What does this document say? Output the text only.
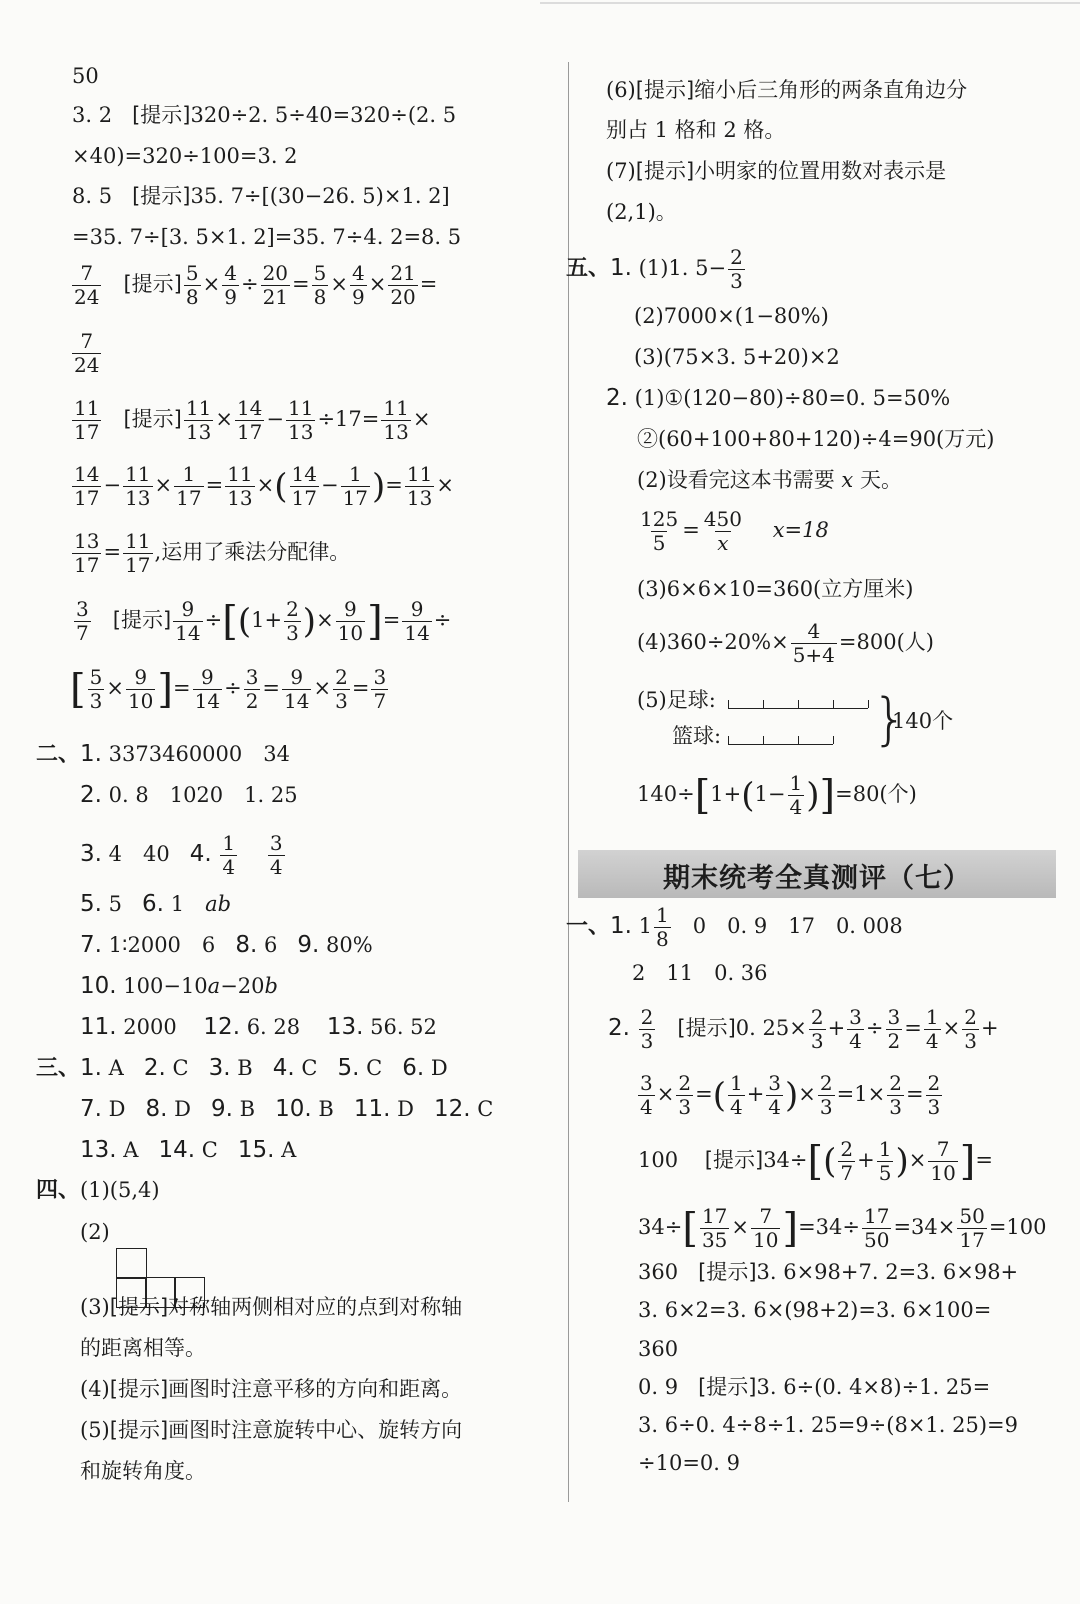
50
3. 2 [提示]320÷2. 5÷40=320÷(2. 5
×40)=320÷100=3. 2
8. 5 [提示]35. 7÷[(30−26. 5)×1. 2]
=35. 7÷[3. 5×1. 2]=35. 7÷4. 2=8. 5
$\frac{7}{24}$ [提示] $\frac{5}{8} \times \frac{4}{9} \div \frac{20}{21} = \frac{5}{8} \times \frac{4}{9} \times \frac{21}{20}$ =
$\frac{7}{24}$
$\frac{11}{17}$ [提示] $\frac{11}{13} \times \frac{14}{17} - \frac{11}{13} \div 17= \frac{11}{13}$ ×
$\frac{14}{17} - \frac{11}{13} \times \frac{1}{17} = \frac{11}{13}$ ×( $\frac{14}{17} - \frac{1}{17}$ )= $\frac{11}{13}$ ×
$\frac{13}{17} = \frac{11}{17}$ ,运用了乘法分配律。
$\frac{3}{7}$ [提示] $\frac{9}{14} \div[(1+ \frac{2}{3}$ )× $\frac{9}{10}$ ]= $\frac{9}{14}$ ÷
[ $\frac{5}{3} \times \frac{9}{10}$ ]= $\frac{9}{14} \div \frac{3}{2} = \frac{9}{14} \times \frac{2}{3} = \frac{3}{7}$
二、1. 3373460000　34
2. 0. 8　1020　1. 25
3. 4　40 4. $\frac{1}{4}$
$\frac{3}{4}$
5. 5 6. 1　ab
7. 1∶2000　6 8. 6 9. 80%
10. 100−10a−20b
11. 2000 12. 6. 28 13. 56. 52
三、1. A 2. C 3. B 4. C 5. C 6. D
7. D 8. D 9. B 10. B 11. D 12. C
13. A 14. C 15. A
四、(1)(5,4)
(2)
(3)[提示]对称轴两侧相对应的点到对称轴
的距离相等。
(4)[提示]画图时注意平移的方向和距离。
(5)[提示]画图时注意旋转中心、旋转方向
和旋转角度。
(6)[提示]缩小后三角形的两条直角边分
别占 1 格和 2 格。
(7)[提示]小明家的位置用数对表示是
(2,1)。
五、1. (1)1. $5- \frac{2}{3}$
(2)7000×(1−80%)
(3)(75×3. 5+20)×2
2. (1)①(120−80)÷80=0. 5=50%
②(60+100+80+120)÷4=90(万元)
(2)设看完这本书需要 x 天。
$\frac{125}{5} = \frac{450}{x} x=18$
(3)6×6×10=360(立方厘米)
$(4)360\div 20\%\times \frac{4}{5+4} =800$(人)
(5)足球:
篮球:	}
140个
$140\div[1+(1- \frac{1}{4} )]=80$(个)
期末统考全真测评（七）
一、1. $1 \frac{1}{8} 0$　0. 9　17　0. 008
2　11　0. 36
2. $\frac{2}{3}$ [提示]0. $25\times \frac{2}{3} + \frac{3}{4} \div \frac{3}{2} = \frac{1}{4} \times \frac{2}{3}$ +
$\frac{3}{4} \times \frac{2}{3}$ =( $\frac{1}{4} + \frac{3}{4}$ )× $\frac{2}{3} =1\times \frac{2}{3} = \frac{2}{3}$
100 [提示]$34\div[( \frac{2}{7} + \frac{1}{5}$ )× $\frac{7}{10}$ ]=
$34\div[ \frac{17}{35} \times \frac{7}{10} ]=34\div \frac{17}{50} =34\times \frac{50}{17} =100$
360 [提示]3. 6×98+7. 2=3. 6×98+
3. 6×2=3. 6×(98+2)=3. 6×100=
360
0. 9 [提示]3. 6÷(0. 4×8)÷1. 25=
3. 6÷0. 4÷8÷1. 25=9÷(8×1. 25)=9
÷10=0. 9
